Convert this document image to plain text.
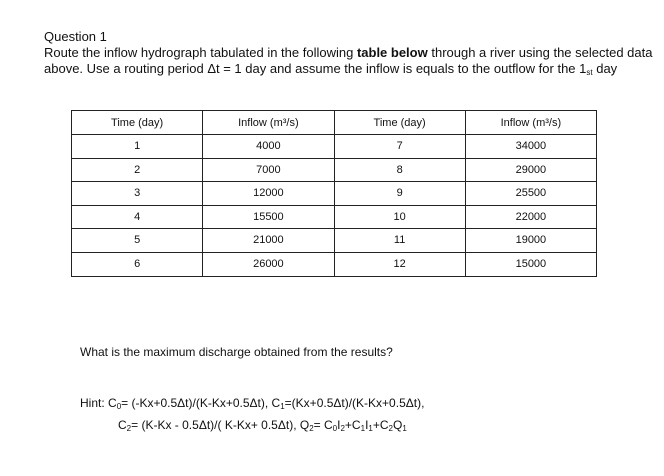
Question 1
Route the inflow hydrograph tabulated in the following table below through a river using the selected data above. Use a routing period Δt = 1 day and assume the inflow is equals to the outflow for the 1st day
Time (day)	Inflow (m³/s)	Time (day)	Inflow (m³/s)
1	4000	7	34000
2	7000	8	29000
3	12000	9	25500
4	15500	10	22000
5	21000	11	19000
6	26000	12	15000
What is the maximum discharge obtained from the results?
Hint: C0= (-Kx+0.5Δt)/(K-Kx+0.5Δt), C1=(Kx+0.5Δt)/(K-Kx+0.5Δt),
C2= (K-Kx - 0.5Δt)/( K-Kx+ 0.5Δt), Q2= C0I2+C1I1+C2Q1
